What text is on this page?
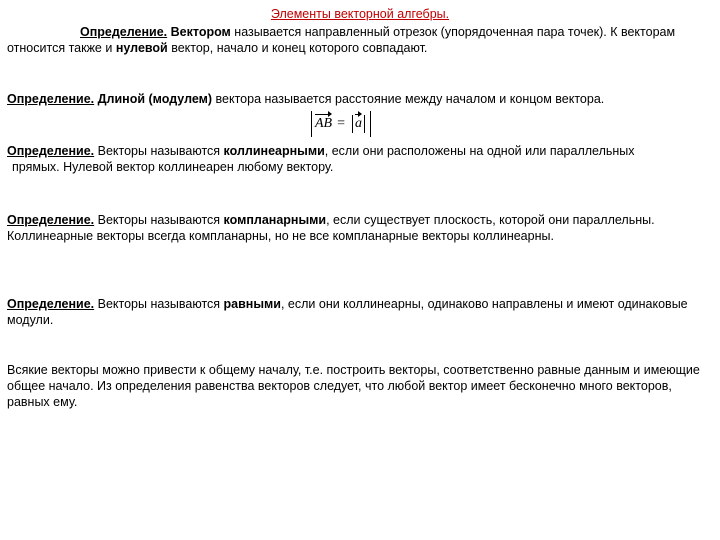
Элементы векторной алгебры.
Определение. Вектором называется направленный отрезок (упорядоченная пара точек). К векторам относится также и нулевой вектор, начало и конец которого совпадают.
Определение. Длиной (модулем) вектора называется расстояние между началом и концом вектора.
AB = a
Определение. Векторы называются коллинеарными, если они расположены на одной или параллельных
прямых. Нулевой вектор коллинеарен любому вектору.
Определение. Векторы называются компланарными, если существует плоскость, которой они параллельны.
Коллинеарные векторы всегда компланарны, но не все компланарные векторы коллинеарны.
Определение. Векторы называются равными, если они коллинеарны, одинаково направлены и имеют одинаковые модули.
Всякие векторы можно привести к общему началу, т.е. построить векторы, соответственно равные данным и имеющие общее начало. Из определения равенства векторов следует, что любой вектор имеет бесконечно много векторов, равных ему.
